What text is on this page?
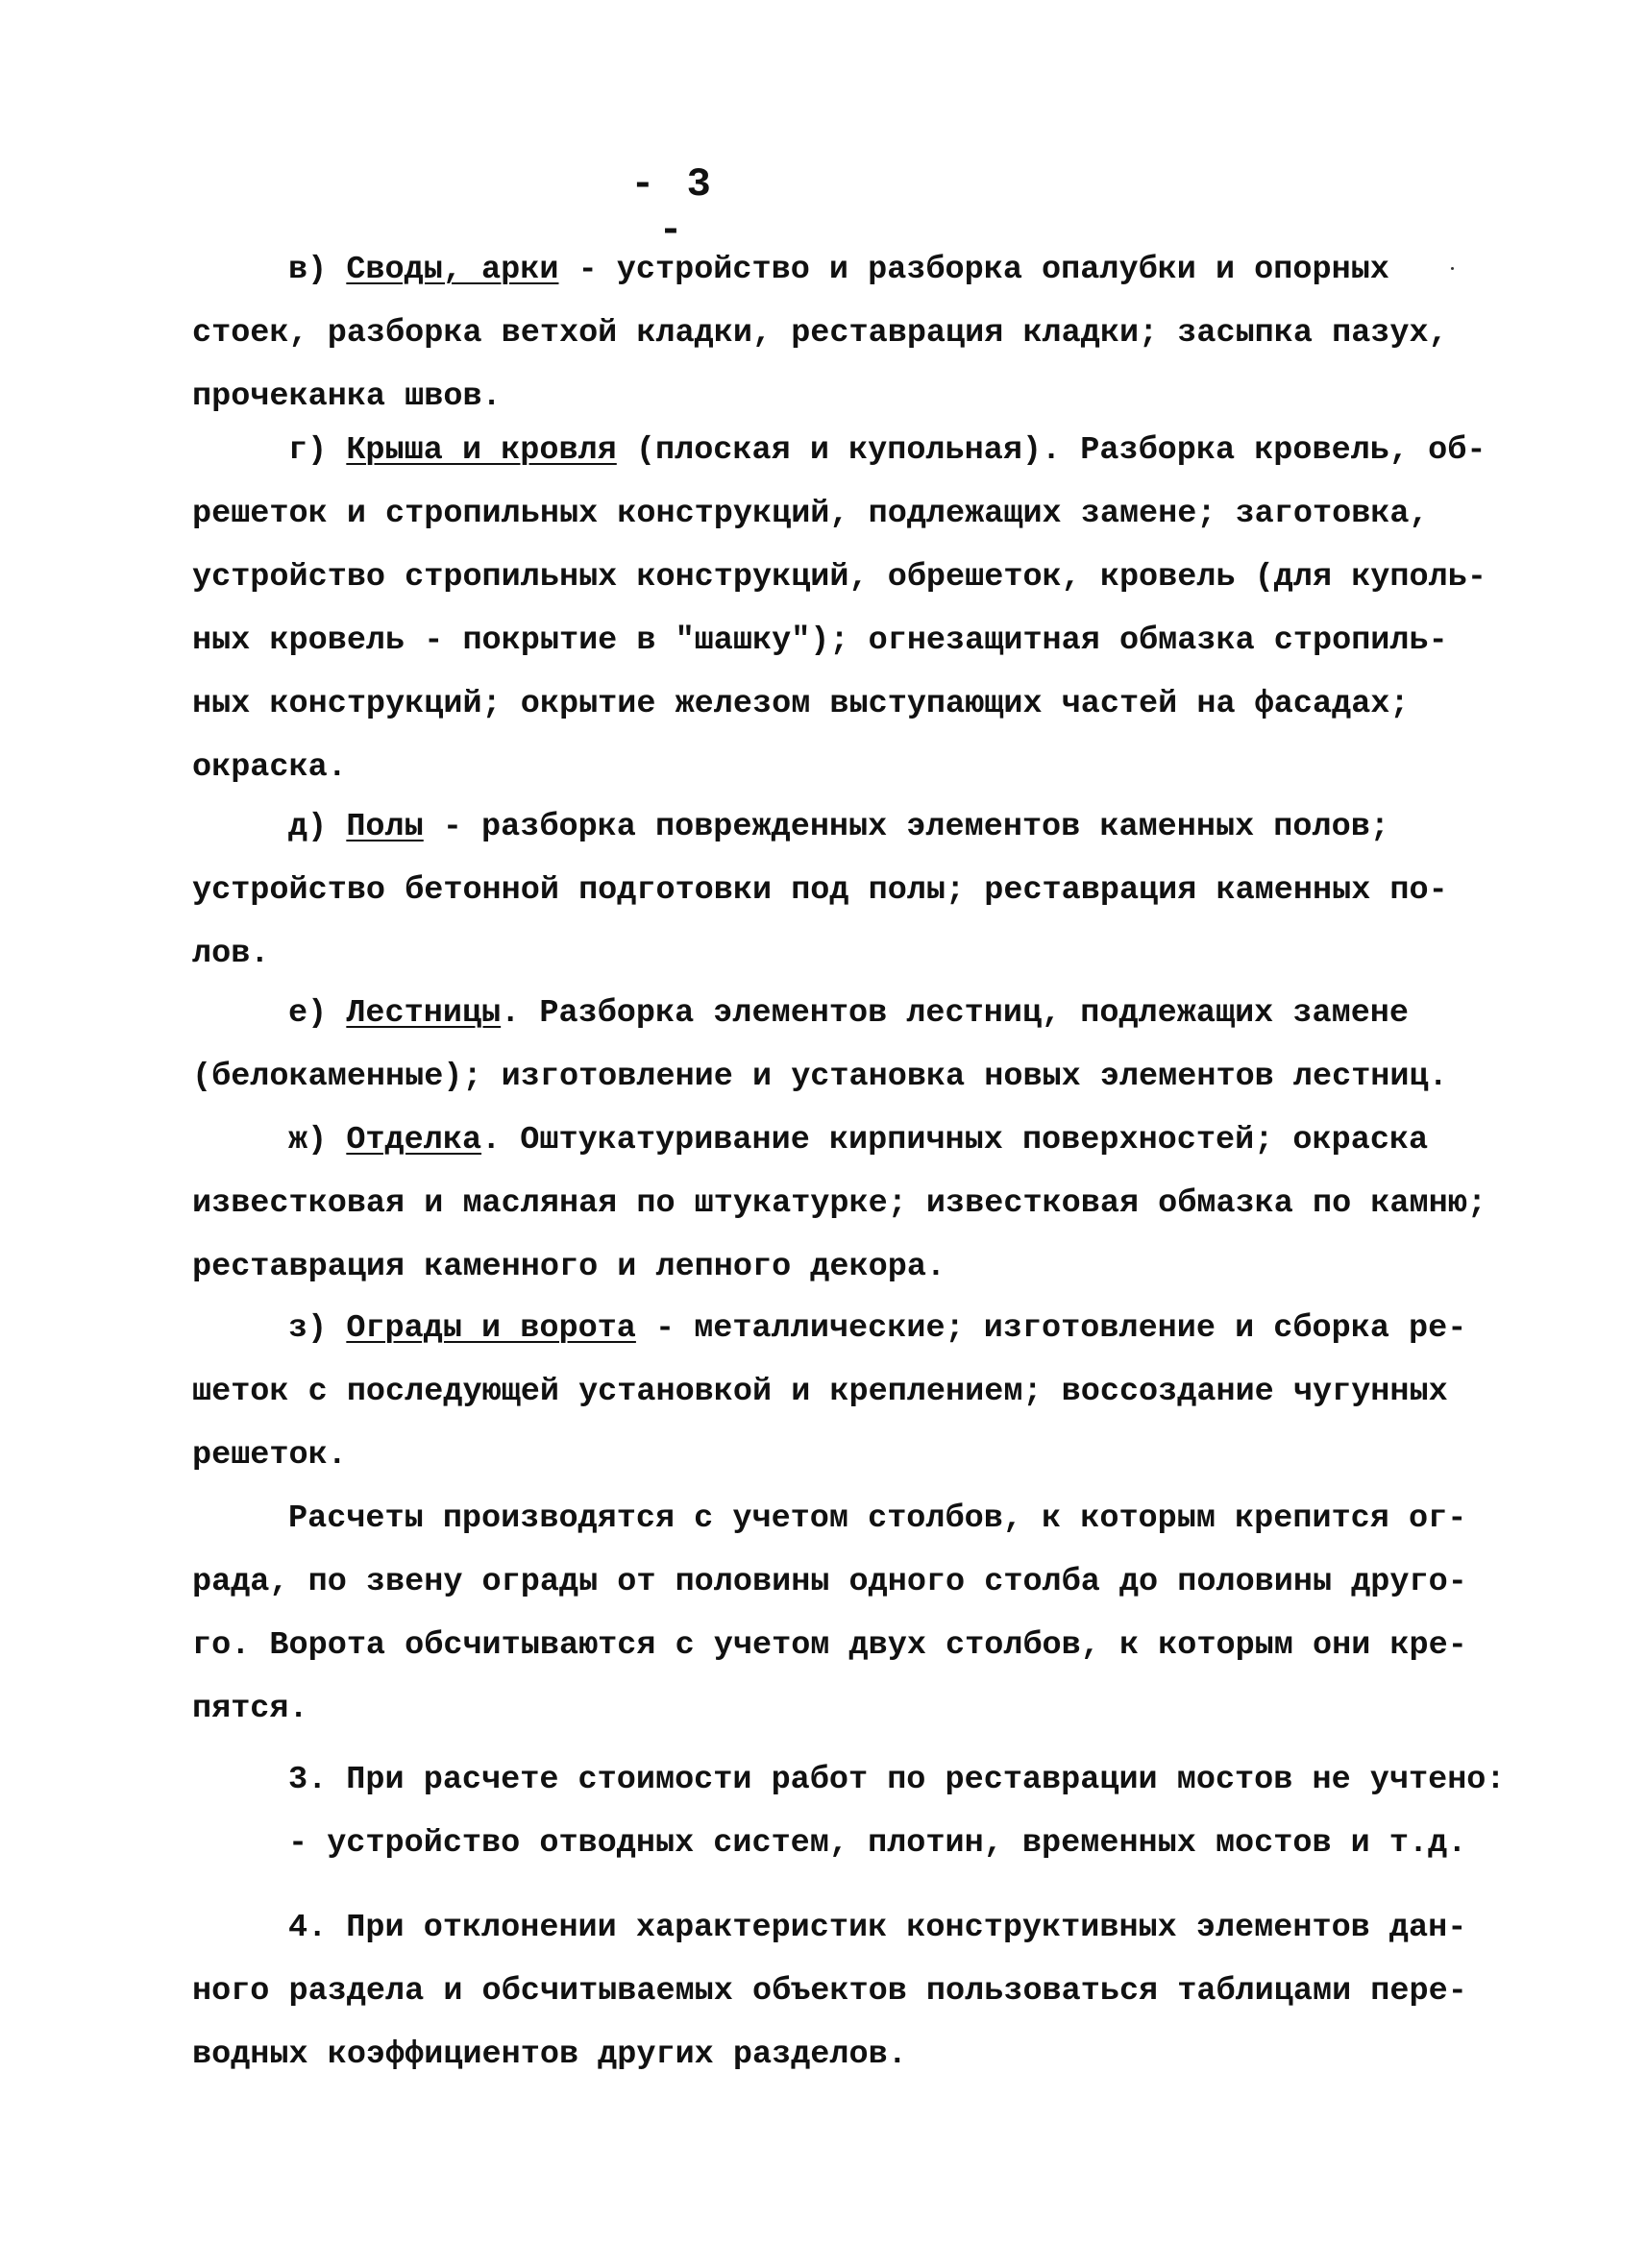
- 3 -
в) Своды, арки - устройство и разборка опалубки и опорных
стоек, разборка ветхой кладки, реставрация кладки; засыпка пазух,
прочеканка швов.
г) Крыша и кровля (плоская и купольная). Разборка кровель, об-
решеток и стропильных конструкций, подлежащих замене; заготовка,
устройство стропильных конструкций, обрешеток, кровель (для куполь-
ных кровель - покрытие в "шашку"); огнезащитная обмазка стропиль-
ных конструкций; окрытие железом выступающих частей на фасадах;
окраска.
д) Полы - разборка поврежденных элементов каменных полов;
устройство бетонной подготовки под полы; реставрация каменных по-
лов.
е) Лестницы. Разборка элементов лестниц, подлежащих замене
(белокаменные); изготовление и установка новых элементов лестниц.
ж) Отделка. Оштукатуривание кирпичных поверхностей; окраска
известковая и масляная по штукатурке; известковая обмазка по камню;
реставрация каменного и лепного декора.
з) Ограды и ворота - металлические; изготовление и сборка ре-
шеток с последующей установкой и креплением; воссоздание чугунных
решеток.
Расчеты производятся с учетом столбов, к которым крепится ог-
рада, по звену ограды от половины одного столба до половины друго-
го. Ворота обсчитываются с учетом двух столбов, к которым они кре-
пятся.
3. При расчете стоимости работ по реставрации мостов не учтено:
- устройство отводных систем, плотин, временных мостов и т.д.
4. При отклонении характеристик конструктивных элементов дан-
ного раздела и обсчитываемых объектов пользоваться таблицами пере-
водных коэффициентов других разделов.
